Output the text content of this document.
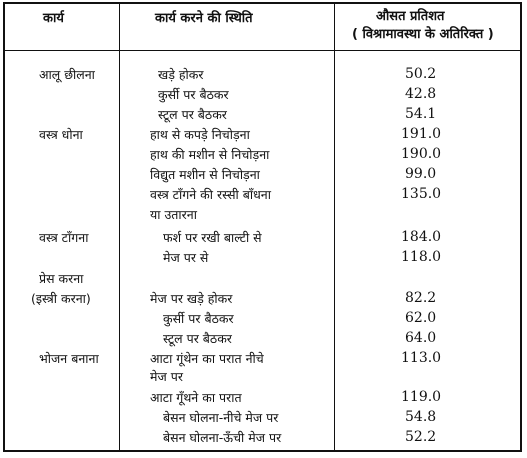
कार्य	कार्य करने की स्थिति	औसत प्रतिशत
( विश्रामावस्था के अतिरिक्त )
आलू छीलना	खड़े होकर	50.2
कुर्सी पर बैठकर	42.8
स्टूल पर बैठकर	54.1
वस्त्र धोना	हाथ से कपड़े निचोड़ना	191.0
हाथ की मशीन से निचोड़ना	190.0
विद्युत मशीन से निचोड़ना	99.0
वस्त्र टाँगने की रस्सी बाँधना	135.0
या उतारना
वस्त्र टाँगना	फर्श पर रखी बाल्टी से	184.0
मेज पर से	118.0
प्रेस करना
(इस्त्री करना)	मेज पर खड़े होकर	82.2
कुर्सी पर बैठकर	62.0
स्टूल पर बैठकर	64.0
भोजन बनाना	आटा गूंथेन का परात नीचे	113.0
मेज पर
आटा गूँथने का परात	119.0
बेसन घोलना-नीचे मेज पर	54.8
बेसन घोलना-ऊँची मेज पर	52.2
